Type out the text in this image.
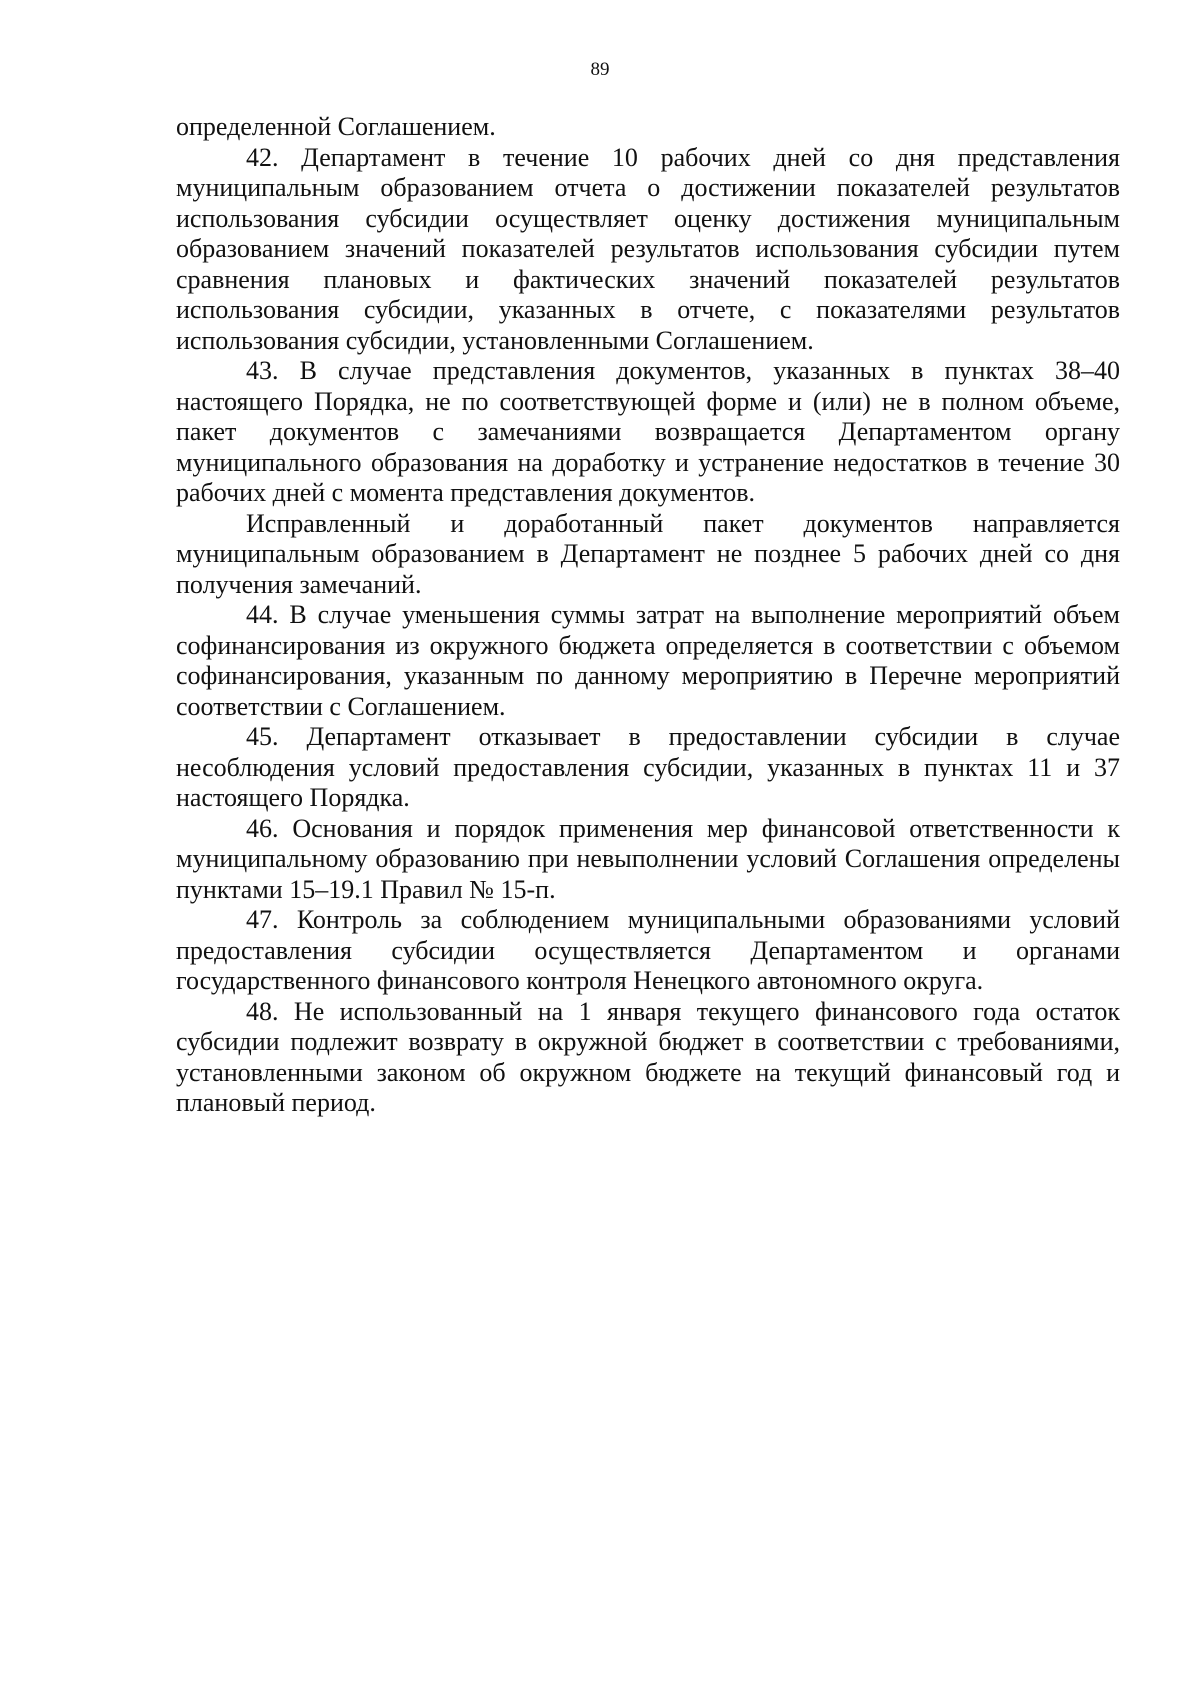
89

определенной Соглашением.

42. Департамент в течение 10 рабочих дней со дня представления муниципальным образованием отчета о достижении показателей результатов использования субсидии осуществляет оценку достижения муниципальным образованием значений показателей результатов использования субсидии путем сравнения плановых и фактических значений показателей результатов использования субсидии, указанных в отчете, с показателями результатов использования субсидии, установленными Соглашением.

43. В случае представления документов, указанных в пунктах 38–40 настоящего Порядка, не по соответствующей форме и (или) не в полном объеме, пакет документов с замечаниями возвращается Департаментом органу муниципального образования на доработку и устранение недостатков в течение 30 рабочих дней с момента представления документов.

Исправленный и доработанный пакет документов направляется муниципальным образованием в Департамент не позднее 5 рабочих дней со дня получения замечаний.

44. В случае уменьшения суммы затрат на выполнение мероприятий объем софинансирования из окружного бюджета определяется в соответствии с объемом софинансирования, указанным по данному мероприятию в Перечне мероприятий соответствии с Соглашением.

45. Департамент отказывает в предоставлении субсидии в случае несоблюдения условий предоставления субсидии, указанных в пунктах 11 и 37 настоящего Порядка.

46. Основания и порядок применения мер финансовой ответственности к муниципальному образованию при невыполнении условий Соглашения определены пунктами 15–19.1 Правил № 15-п.

47. Контроль за соблюдением муниципальными образованиями условий предоставления субсидии осуществляется Департаментом и органами государственного финансового контроля Ненецкого автономного округа.

48. Не использованный на 1 января текущего финансового года остаток субсидии подлежит возврату в окружной бюджет в соответствии с требованиями, установленными законом об окружном бюджете на текущий финансовый год и плановый период.
